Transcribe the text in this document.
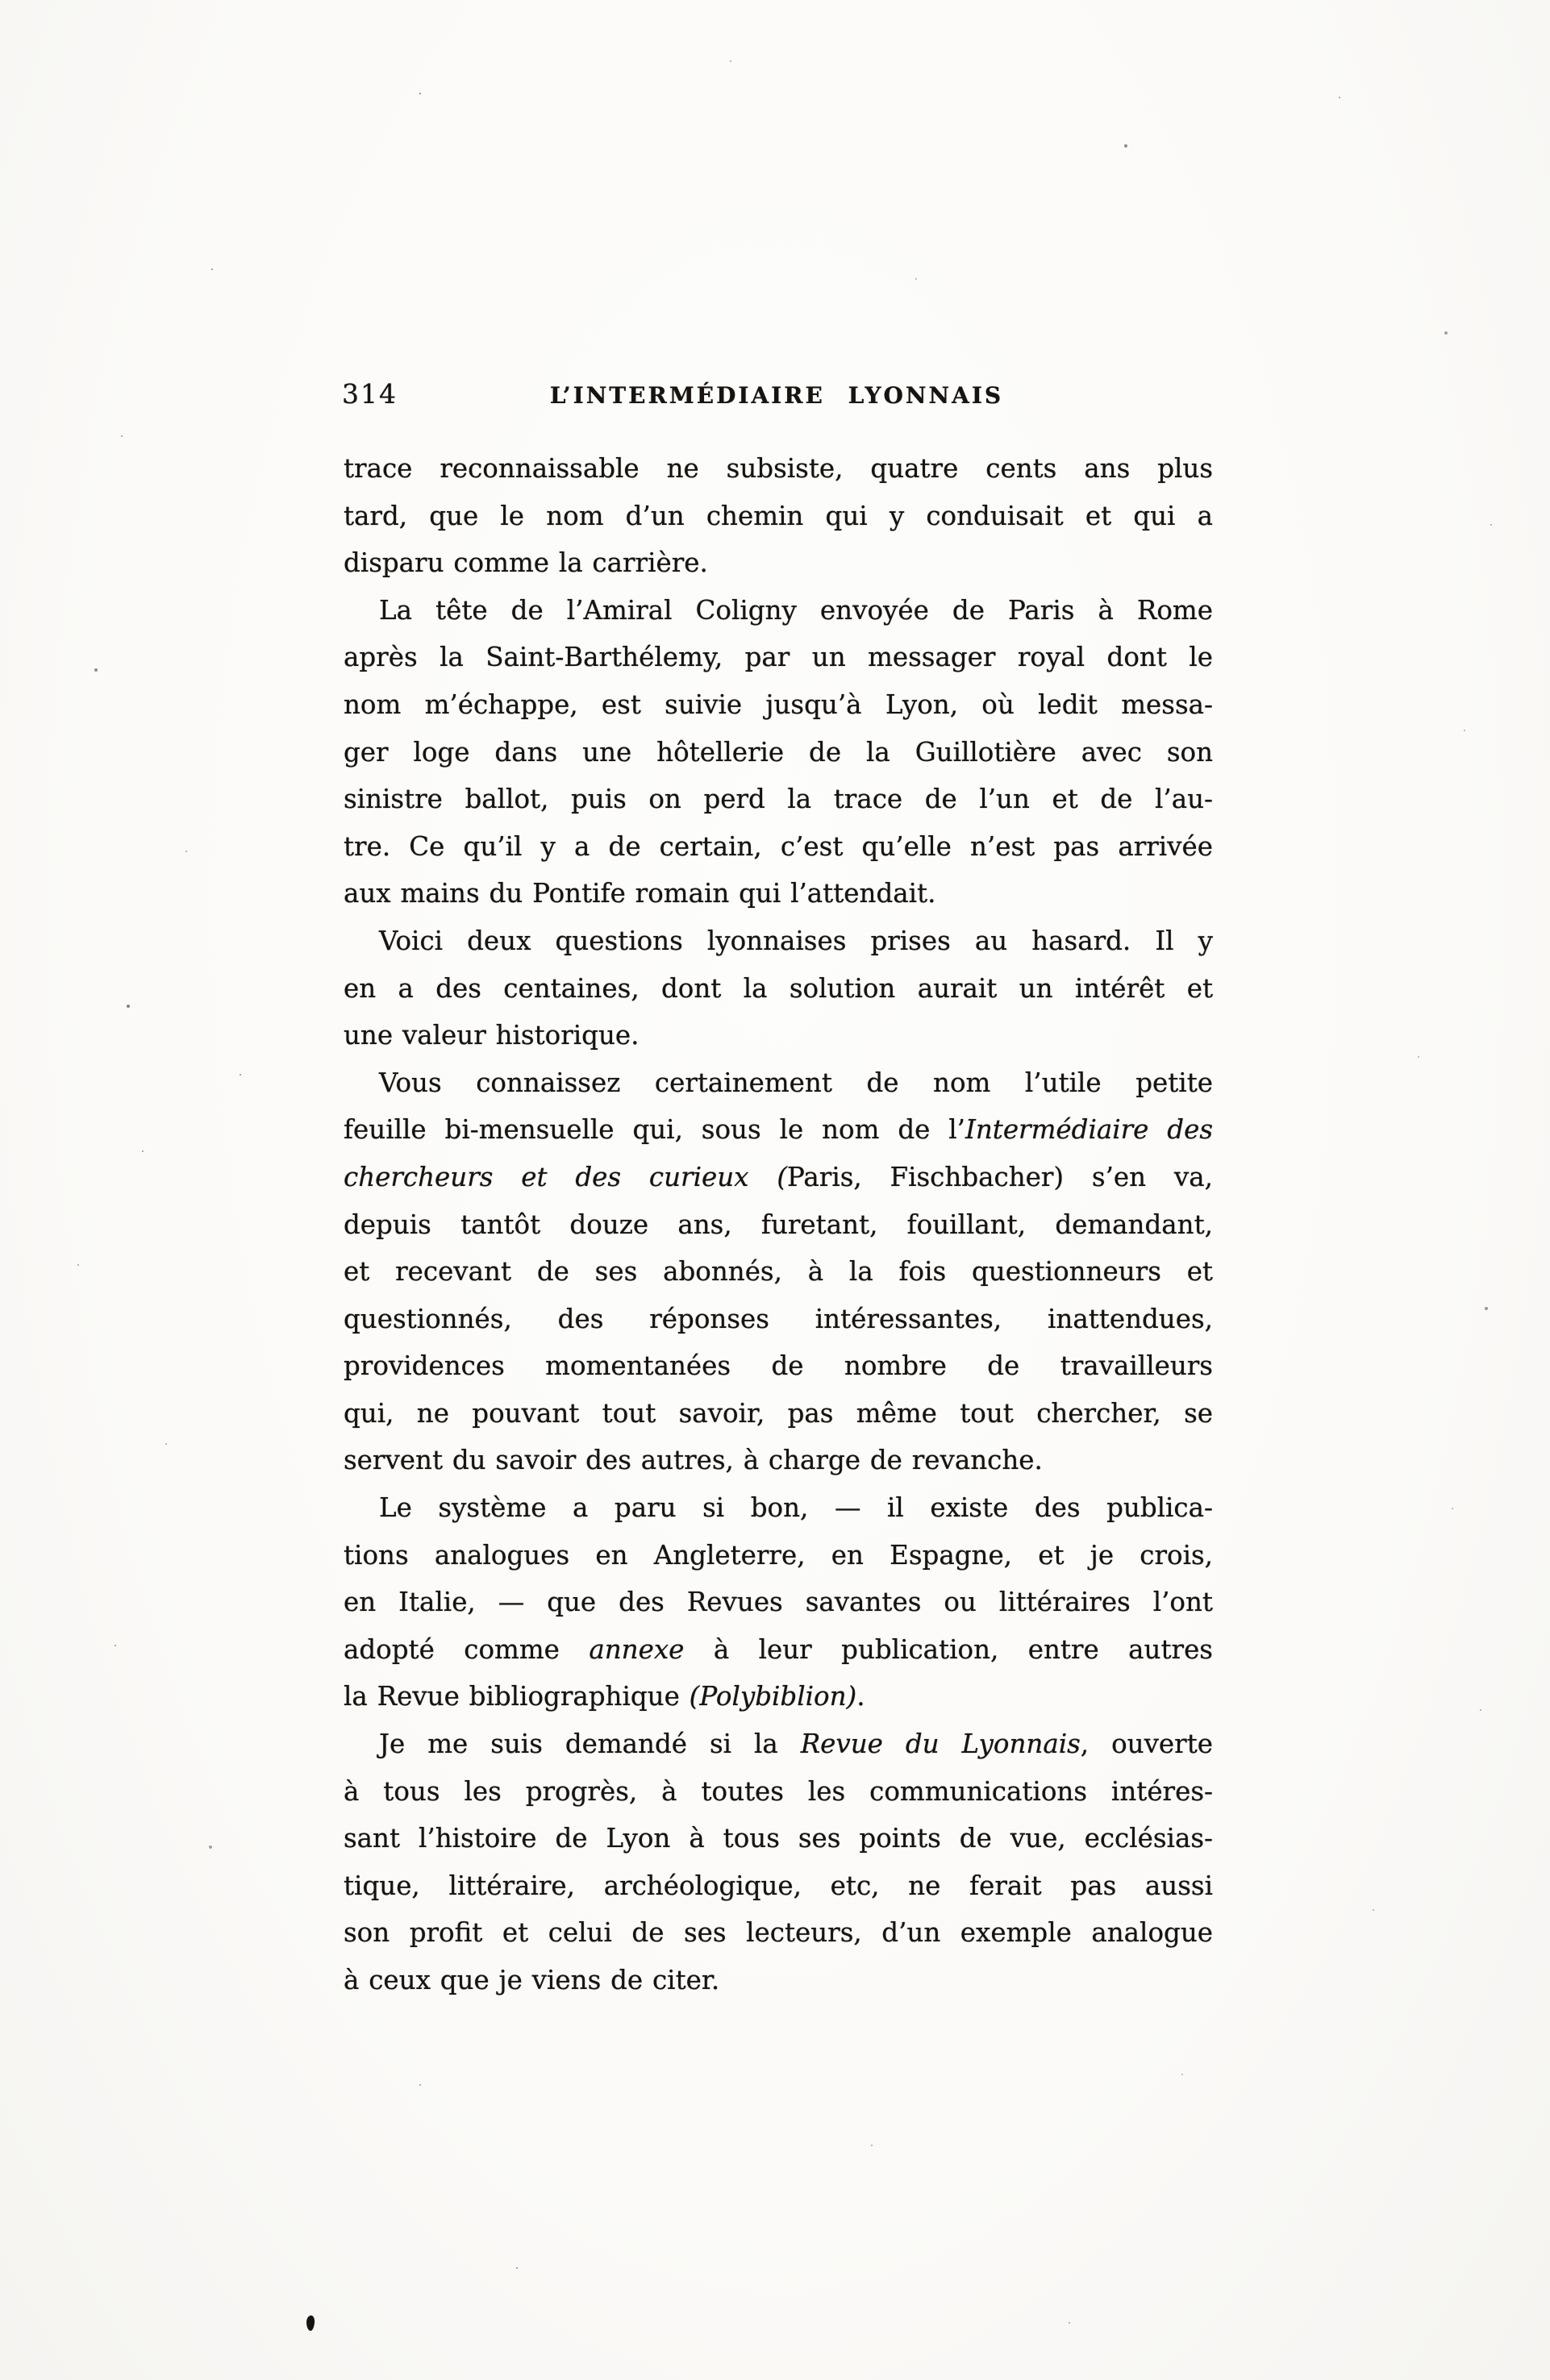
314	L’INTERMÉDIAIRE LYONNAIS
trace reconnaissable ne subsiste, quatre cents ans plus
tard, que le nom d’un chemin qui y conduisait et qui a
disparu comme la carrière.
La tête de l’Amiral Coligny envoyée de Paris à Rome
après la Saint-Barthélemy, par un messager royal dont le
nom m’échappe, est suivie jusqu’à Lyon, où ledit messa-
ger loge dans une hôtellerie de la Guillotière avec son
sinistre ballot, puis on perd la trace de l’un et de l’au-
tre. Ce qu’il y a de certain, c’est qu’elle n’est pas arrivée
aux mains du Pontife romain qui l’attendait.
Voici deux questions lyonnaises prises au hasard. Il y
en a des centaines, dont la solution aurait un intérêt et
une valeur historique.
Vous connaissez certainement de nom l’utile petite
feuille bi-mensuelle qui, sous le nom de l’Intermédiaire des
chercheurs et des curieux (Paris, Fischbacher) s’en va,
depuis tantôt douze ans, furetant, fouillant, demandant,
et recevant de ses abonnés, à la fois questionneurs et
questionnés, des réponses intéressantes, inattendues,
providences momentanées de nombre de travailleurs
qui, ne pouvant tout savoir, pas même tout chercher, se
servent du savoir des autres, à charge de revanche.
Le système a paru si bon, — il existe des publica-
tions analogues en Angleterre, en Espagne, et je crois,
en Italie, — que des Revues savantes ou littéraires l’ont
adopté comme annexe à leur publication, entre autres
la Revue bibliographique (Polybiblion).
Je me suis demandé si la Revue du Lyonnais, ouverte
à tous les progrès, à toutes les communications intéres-
sant l’histoire de Lyon à tous ses points de vue, ecclésias-
tique, littéraire, archéologique, etc, ne ferait pas aussi
son profit et celui de ses lecteurs, d’un exemple analogue
à ceux que je viens de citer.
